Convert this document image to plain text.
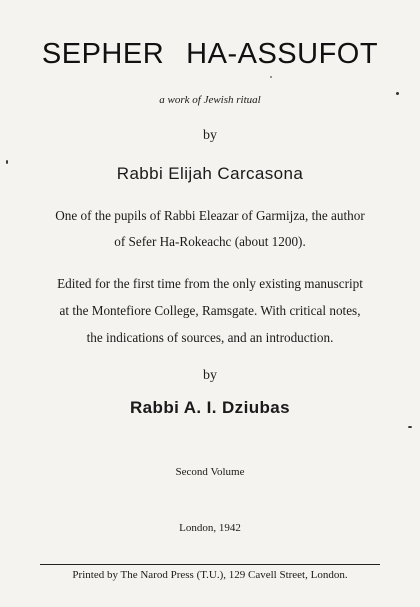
SEPHER HA-ASSUFOT
a work of Jewish ritual
by
Rabbi Elijah Carcasona
One of the pupils of Rabbi Eleazar of Garmijza, the author
of Sefer Ha-Rokeachc (about 1200).
Edited for the first time from the only existing manuscript
at the Montefiore College, Ramsgate. With critical notes,
the indications of sources, and an introduction.
by
Rabbi A. I. Dziubas
Second Volume
London, 1942
Printed by The Narod Press (T.U.), 129 Cavell Street, London.
